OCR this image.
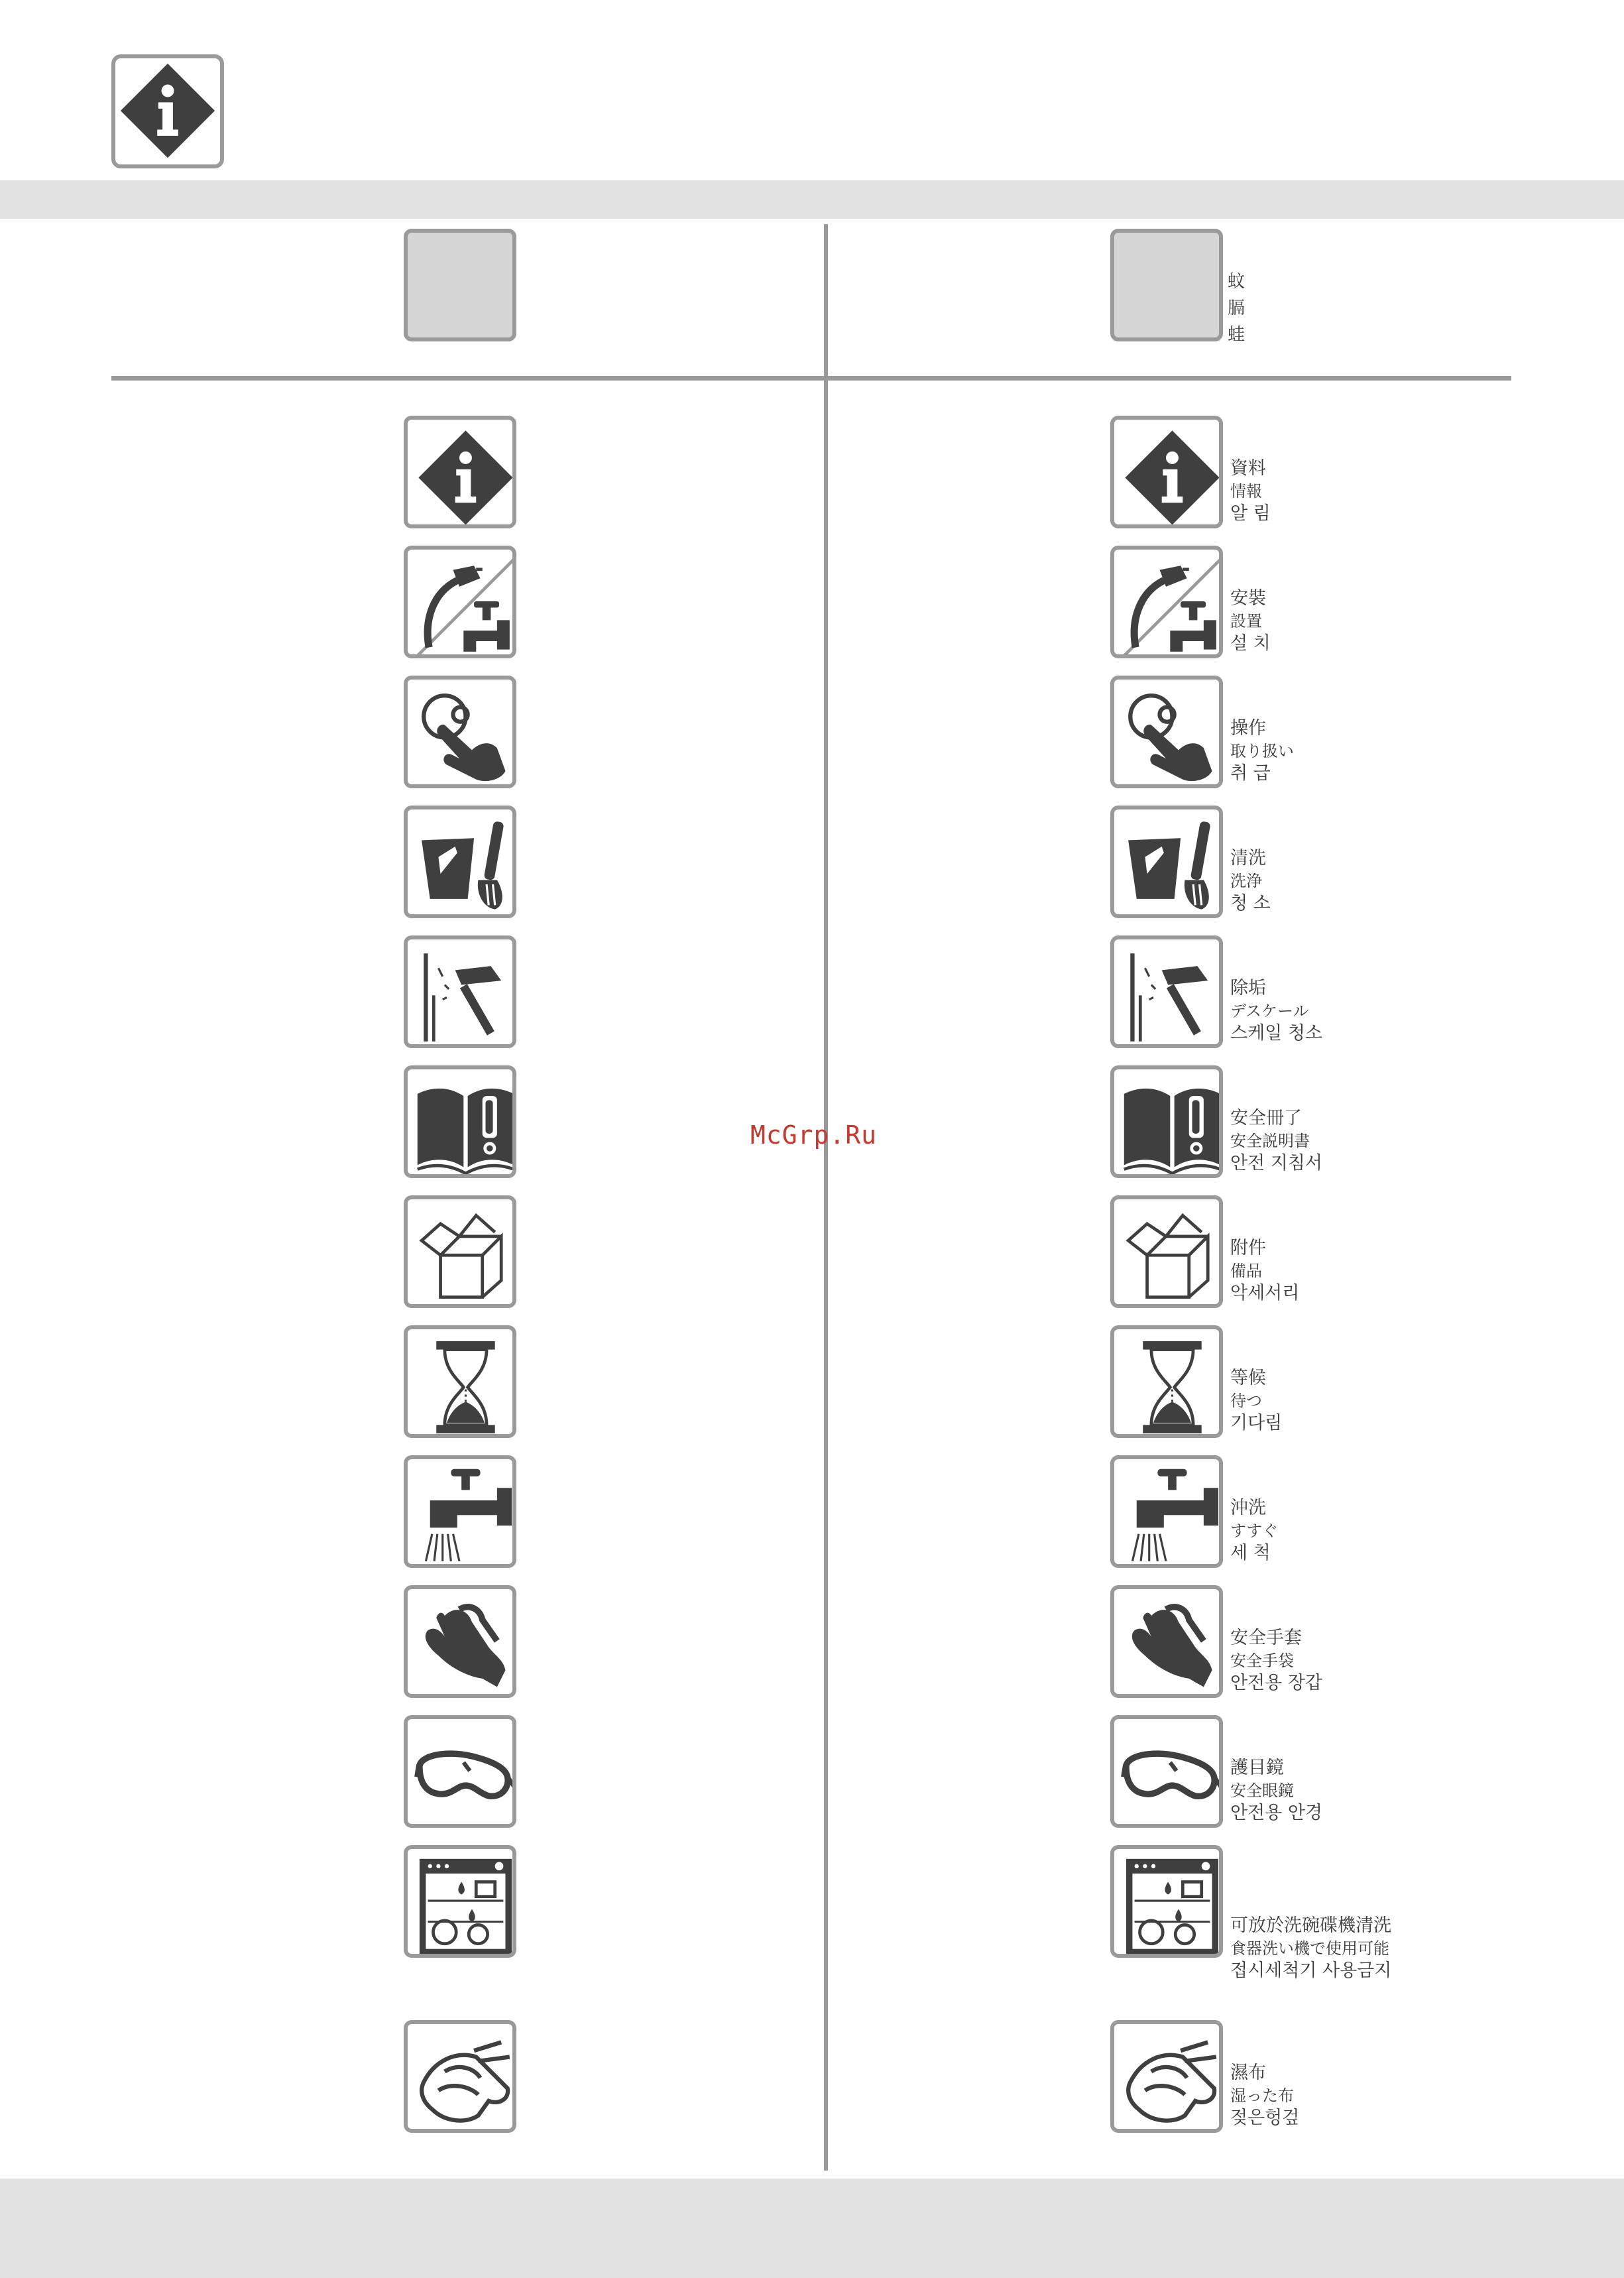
蚊
膈
蛙
資料
情報
알 림
安裝
設置
설 치
操作
取り扱い
취 급
清洗
洗浄
청 소
除垢
デスケール
스케일 청소
安全冊了
安全説明書
안전 지침서
附件
備品
악세서리
等候
待つ
기다림
沖洗
すすぐ
세 척
安全手套
安全手袋
안전용 장갑
護目鏡
安全眼鏡
안전용 안경
可放於洗碗碟機清洗
食器洗い機で使用可能
접시세척기 사용금지
濕布
湿った布
젖은헝겊
McGrp.Ru
